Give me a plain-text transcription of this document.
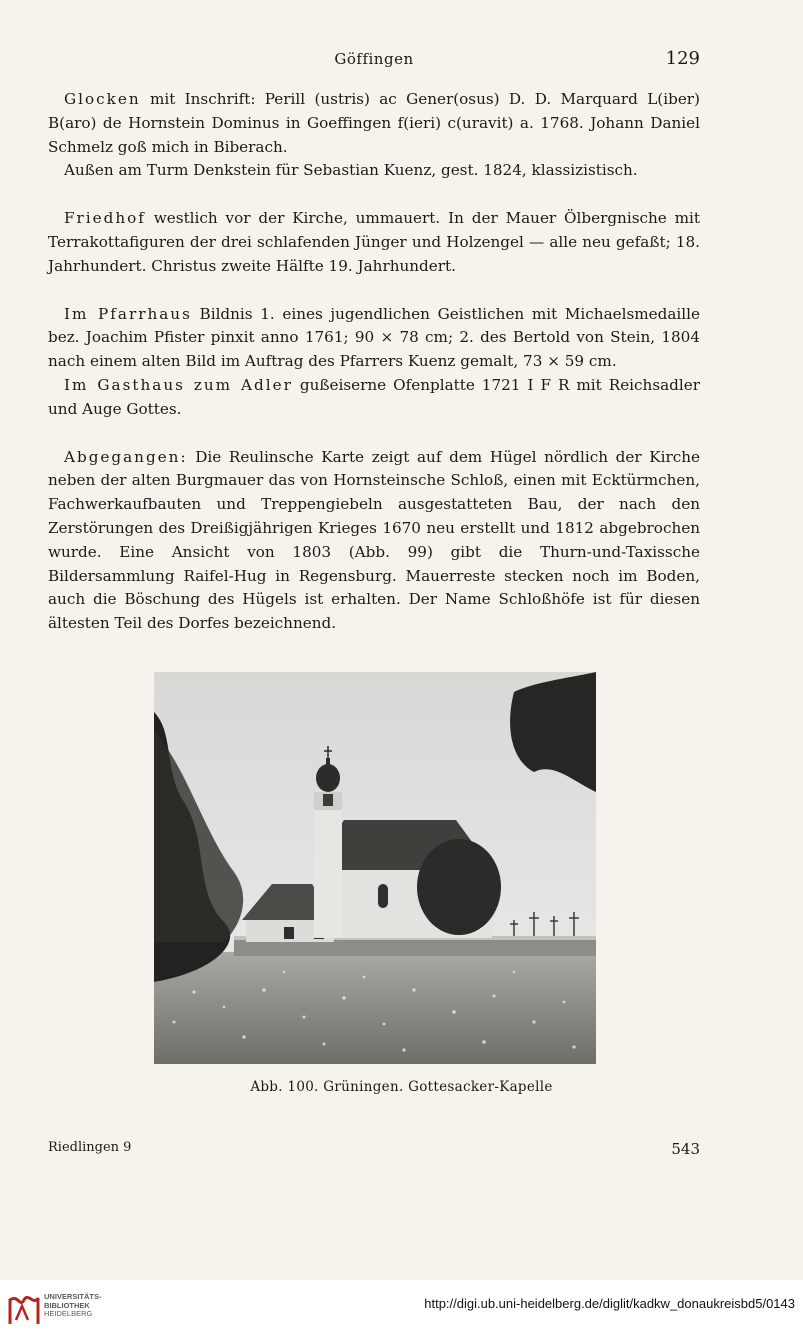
Göffingen	129

Glocken mit Inschrift: Perill (ustris) ac Gener(osus) D. D. Marquard L(iber) B(aro) de Hornstein Dominus in Goeffingen f(ieri) c(uravit) a. 1768. Johann Daniel Schmelz goß mich in Biberach.

Außen am Turm Denkstein für Sebastian Kuenz, gest. 1824, klassizistisch.

Friedhof westlich vor der Kirche, ummauert. In der Mauer Ölbergnische mit Terrakottafiguren der drei schlafenden Jünger und Holzengel — alle neu gefaßt; 18. Jahrhundert. Christus zweite Hälfte 19. Jahrhundert.

Im Pfarrhaus Bildnis 1. eines jugendlichen Geistlichen mit Michaelsmedaille bez. Joachim Pfister pinxit anno 1761; 90 × 78 cm; 2. des Bertold von Stein, 1804 nach einem alten Bild im Auftrag des Pfarrers Kuenz gemalt, 73 × 59 cm.

Im Gasthaus zum Adler gußeiserne Ofenplatte 1721 I F R mit Reichsadler und Auge Gottes.

Abgegangen: Die Reulinsche Karte zeigt auf dem Hügel nördlich der Kirche neben der alten Burgmauer das von Hornsteinsche Schloß, einen mit Ecktürmchen, Fachwerkaufbauten und Treppengiebeln ausgestatteten Bau, der nach den Zerstörungen des Dreißigjährigen Krieges 1670 neu erstellt und 1812 abgebrochen wurde. Eine Ansicht von 1803 (Abb. 99) gibt die Thurn-und-Taxissche Bildersammlung Raifel-Hug in Regensburg. Mauerreste stecken noch im Boden, auch die Böschung des Hügels ist erhalten. Der Name Schloßhöfe ist für diesen ältesten Teil des Dorfes bezeichnend.

Abb. 100. Grüningen. Gottesacker-Kapelle
Riedlingen 9	543
UNIVERSITÄTS-
BIBLIOTHEK
HEIDELBERG
http://digi.ub.uni-heidelberg.de/diglit/kadkw_donaukreisbd5/0143
